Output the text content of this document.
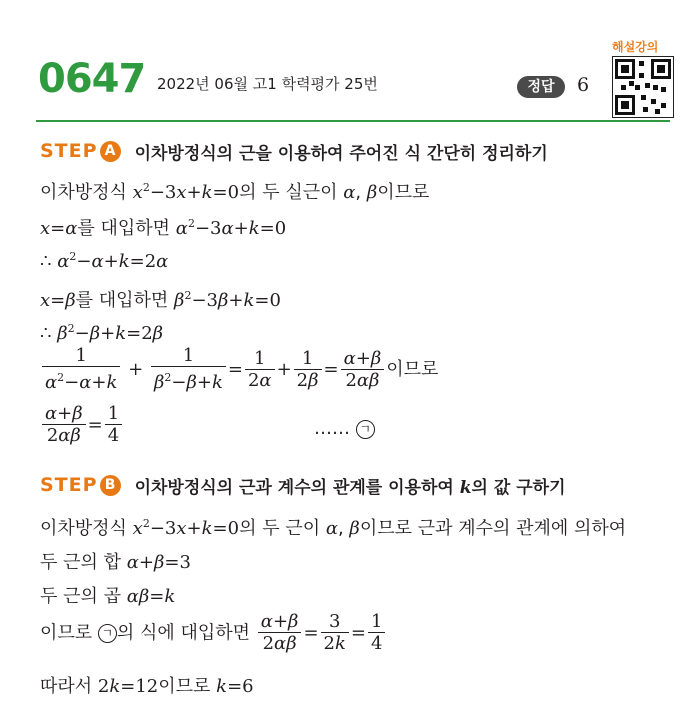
0647 2022년 06월 고1 학력평가 25번	정답	6
해설강의
STEP A 이차방정식의 근을 이용하여 주어진 식 간단히 정리하기
이차방정식 $x^2-3x+k=0$의 두 실근이 α, β이므로
x=α를 대입하면 $\alpha^2-3\alpha+k=0$
∴ $\alpha^2-\alpha+k=2\alpha$
x=β를 대입하면 $\beta^2-3\beta+k=0$
∴ $\beta^2-\beta+k=2\beta$
$\frac{1}{\alpha^2-\alpha+k} + \frac{1}{\beta^2-\beta+k} = \frac{1}{2\alpha} + \frac{1}{2\beta} = \frac{\alpha+\beta}{2\alpha\beta}$ 이므로
$\frac{\alpha+\beta}{2\alpha\beta} = \frac{1}{4}$	…… ㄱ
STEP B	이차방정식의 근과 계수의 관계를 이용하여 k의 값 구하기
이차방정식 $x^2-3x+k=0$의 두 근이 α, β이므로 근과 계수의 관계에 의하여
두 근의 합 α+β=3
두 근의 곱 αβ=k
이므로 ㄱ 의 식에 대입하면 $\frac{\alpha+\beta}{2\alpha\beta} = \frac{3}{2k} = \frac{1}{4}$
따라서 2k=12이므로 k=6
